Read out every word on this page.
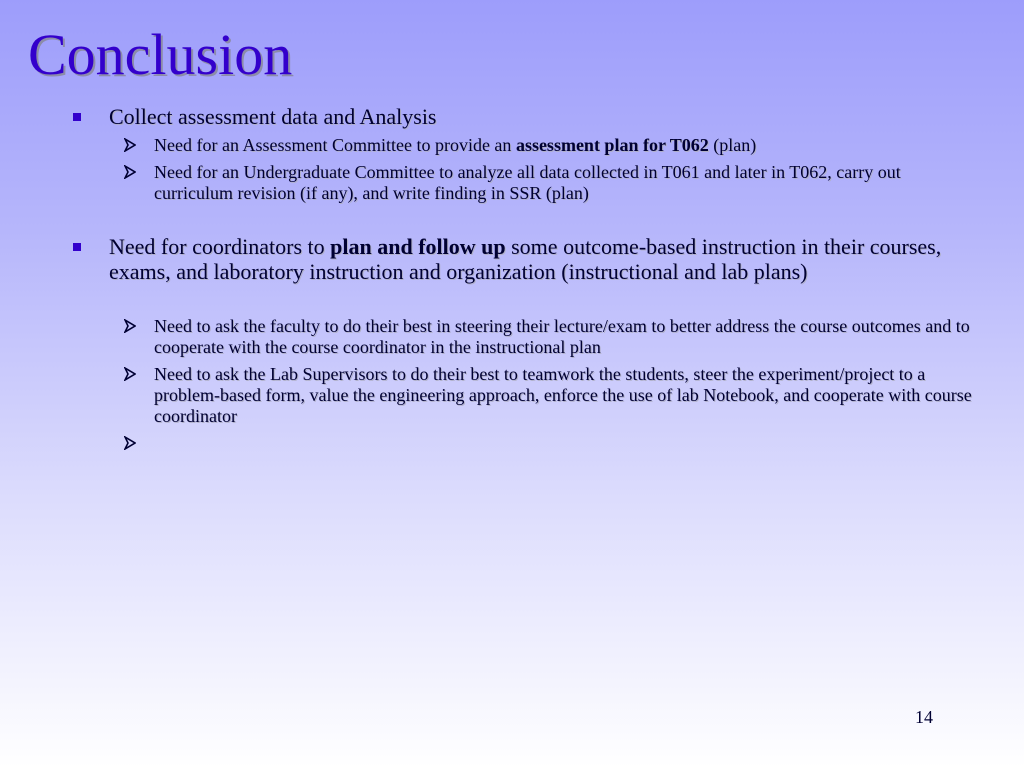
Conclusion
Collect assessment data and Analysis
Need for an Assessment Committee to provide an assessment plan for T062 (plan)
Need for an Undergraduate Committee to analyze all data collected in T061 and later in T062, carry out curriculum revision (if any), and write finding in SSR (plan)
Need for coordinators to plan and follow up some outcome-based instruction in their courses, exams, and laboratory instruction and organization (instructional and lab plans)
Need to ask the faculty to do their best in steering their lecture/exam to better address the course outcomes and to cooperate with the course coordinator in the instructional plan
Need to ask the Lab Supervisors to do their best to teamwork the students, steer the experiment/project to a problem-based form, value the engineering approach, enforce the use of lab Notebook, and cooperate with course coordinator
14
